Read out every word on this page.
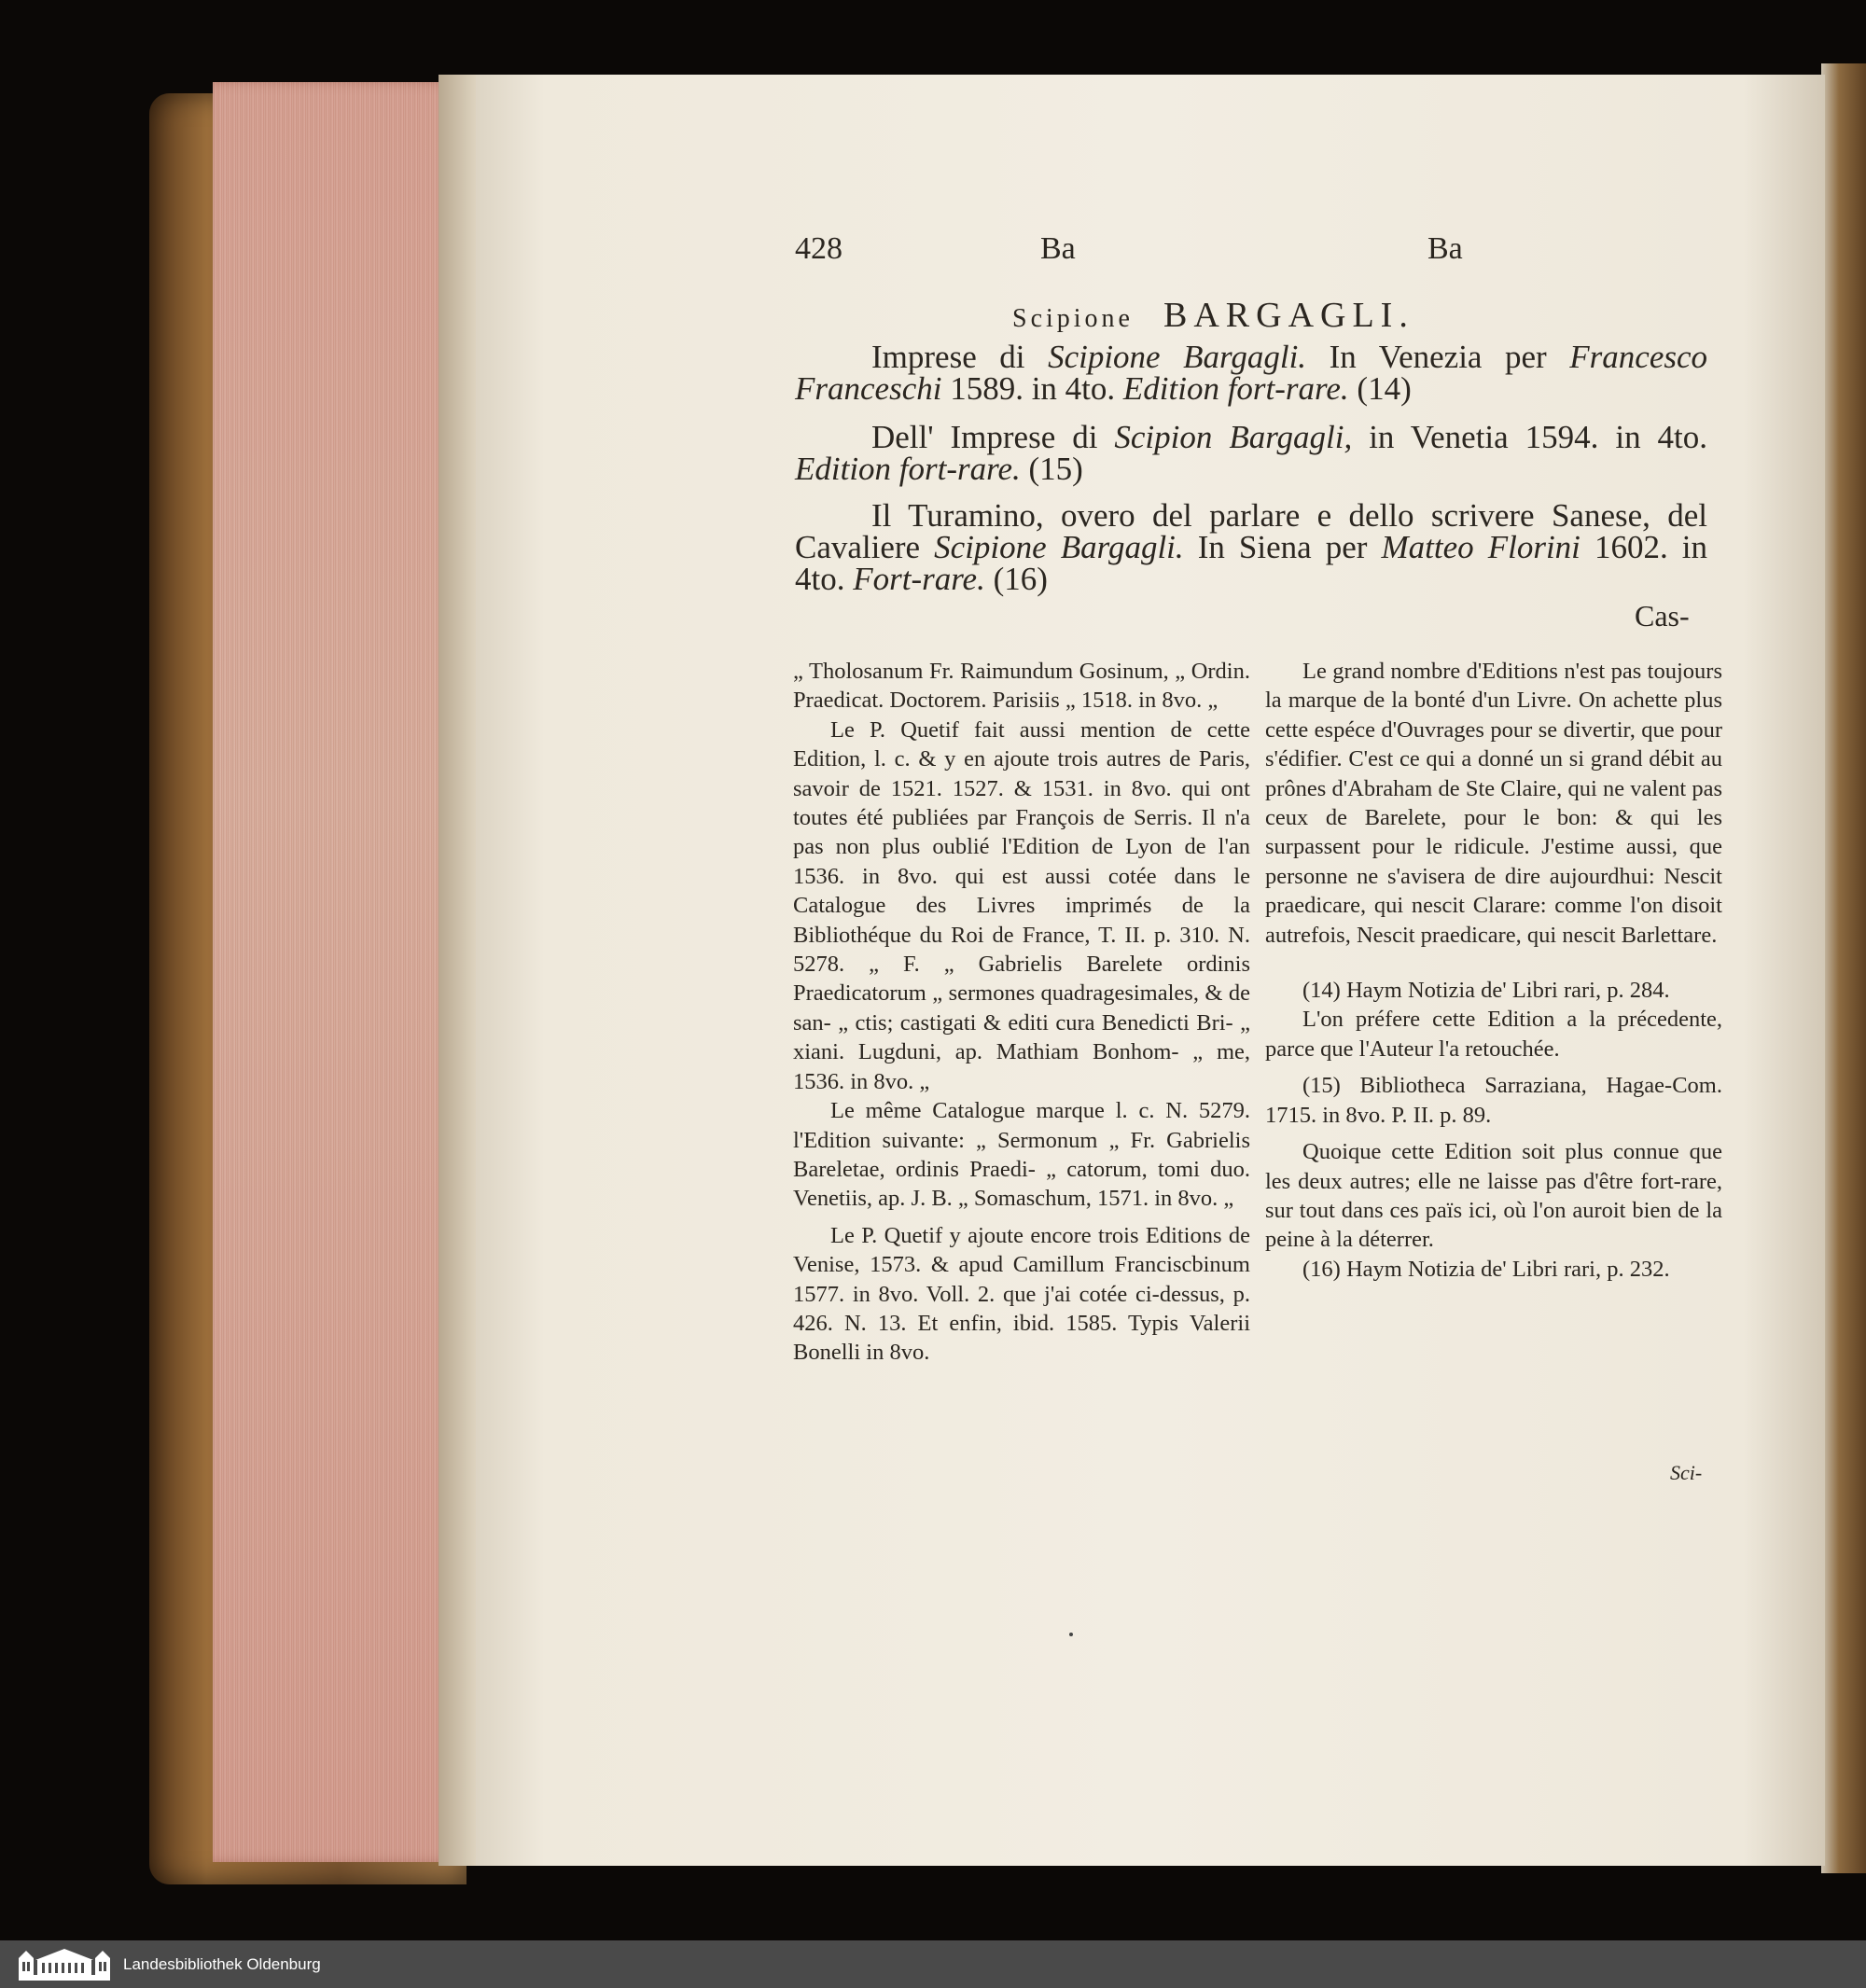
428	Ba	Ba
Scipione BARGAGLI.
Imprese di Scipione Bargagli. In Venezia per Francesco Franceschi 1589. in 4to. Edition fort-rare. (14)
Dell' Imprese di Scipion Bargagli, in Venetia 1594. in 4to. Edition fort-rare. (15)
Il Turamino, overo del parlare e dello scrivere Sanese, del Cavaliere Scipione Bargagli. In Siena per Matteo Florini 1602. in 4to. Fort-rare. (16)
Cas-

„ Tholosanum Fr. Raimundum Gosinum, „ Ordin. Praedicat. Doctorem. Parisiis „ 1518. in 8vo. „

Le P. Quetif fait aussi mention de cette Edition, l. c. & y en ajoute trois autres de Paris, savoir de 1521. 1527. & 1531. in 8vo. qui ont toutes été publiées par François de Serris. Il n'a pas non plus oublié l'Edition de Lyon de l'an 1536. in 8vo. qui est aussi cotée dans le Catalogue des Livres imprimés de la Bibliothéque du Roi de France, T. II. p. 310. N. 5278. „ F. „ Gabrielis Barelete ordinis Praedicatorum „ sermones quadragesimales, & de san- „ ctis; castigati & editi cura Benedicti Bri- „ xiani. Lugduni, ap. Mathiam Bonhom- „ me, 1536. in 8vo. „

Le même Catalogue marque l. c. N. 5279. l'Edition suivante: „ Sermonum „ Fr. Gabrielis Bareletae, ordinis Praedi- „ catorum, tomi duo. Venetiis, ap. J. B. „ Somaschum, 1571. in 8vo. „

Le P. Quetif y ajoute encore trois Editions de Venise, 1573. & apud Camillum Franciscbinum 1577. in 8vo. Voll. 2. que j'ai cotée ci-dessus, p. 426. N. 13. Et enfin, ibid. 1585. Typis Valerii Bonelli in 8vo.

Le grand nombre d'Editions n'est pas toujours la marque de la bonté d'un Livre. On achette plus cette espéce d'Ouvrages pour se divertir, que pour s'édifier. C'est ce qui a donné un si grand débit au prônes d'Abraham de Ste Claire, qui ne valent pas ceux de Barelete, pour le bon: & qui les surpassent pour le ridicule. J'estime aussi, que personne ne s'avisera de dire aujourdhui: Nescit praedicare, qui nescit Clarare: comme l'on disoit autrefois, Nescit praedicare, qui nescit Barlettare.

(14) Haym Notizia de' Libri rari, p. 284.

L'on préfere cette Edition a la précedente, parce que l'Auteur l'a retouchée.

(15) Bibliotheca Sarraziana, Hagae-Com. 1715. in 8vo. P. II. p. 89.

Quoique cette Edition soit plus connue que les deux autres; elle ne laisse pas d'être fort-rare, sur tout dans ces païs ici, où l'on auroit bien de la peine à la déterrer.

(16) Haym Notizia de' Libri rari, p. 232.

Sci-
Landesbibliothek Oldenburg
